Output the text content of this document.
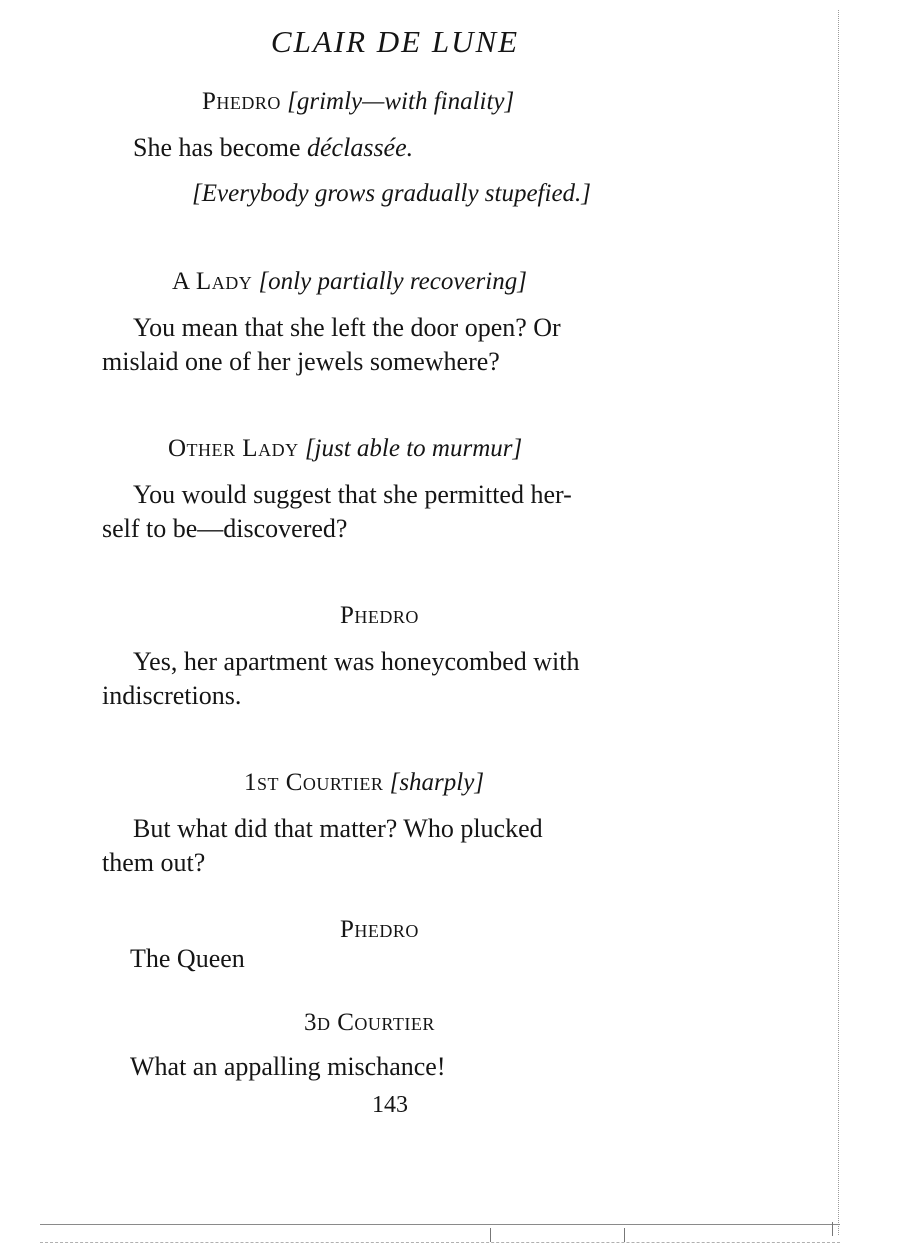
CLAIR DE LUNE
Phedro [grimly—with finality]
She has become déclassée.
[Everybody grows gradually stupefied.]
A Lady [only partially recovering]
You mean that she left the door open? Or
mislaid one of her jewels somewhere?
Other Lady [just able to murmur]
You would suggest that she permitted her-
self to be—discovered?
Phedro
Yes, her apartment was honeycombed with
indiscretions.
1st Courtier [sharply]
But what did that matter? Who plucked
them out?
Phedro
The Queen
3d Courtier
What an appalling mischance!
143
